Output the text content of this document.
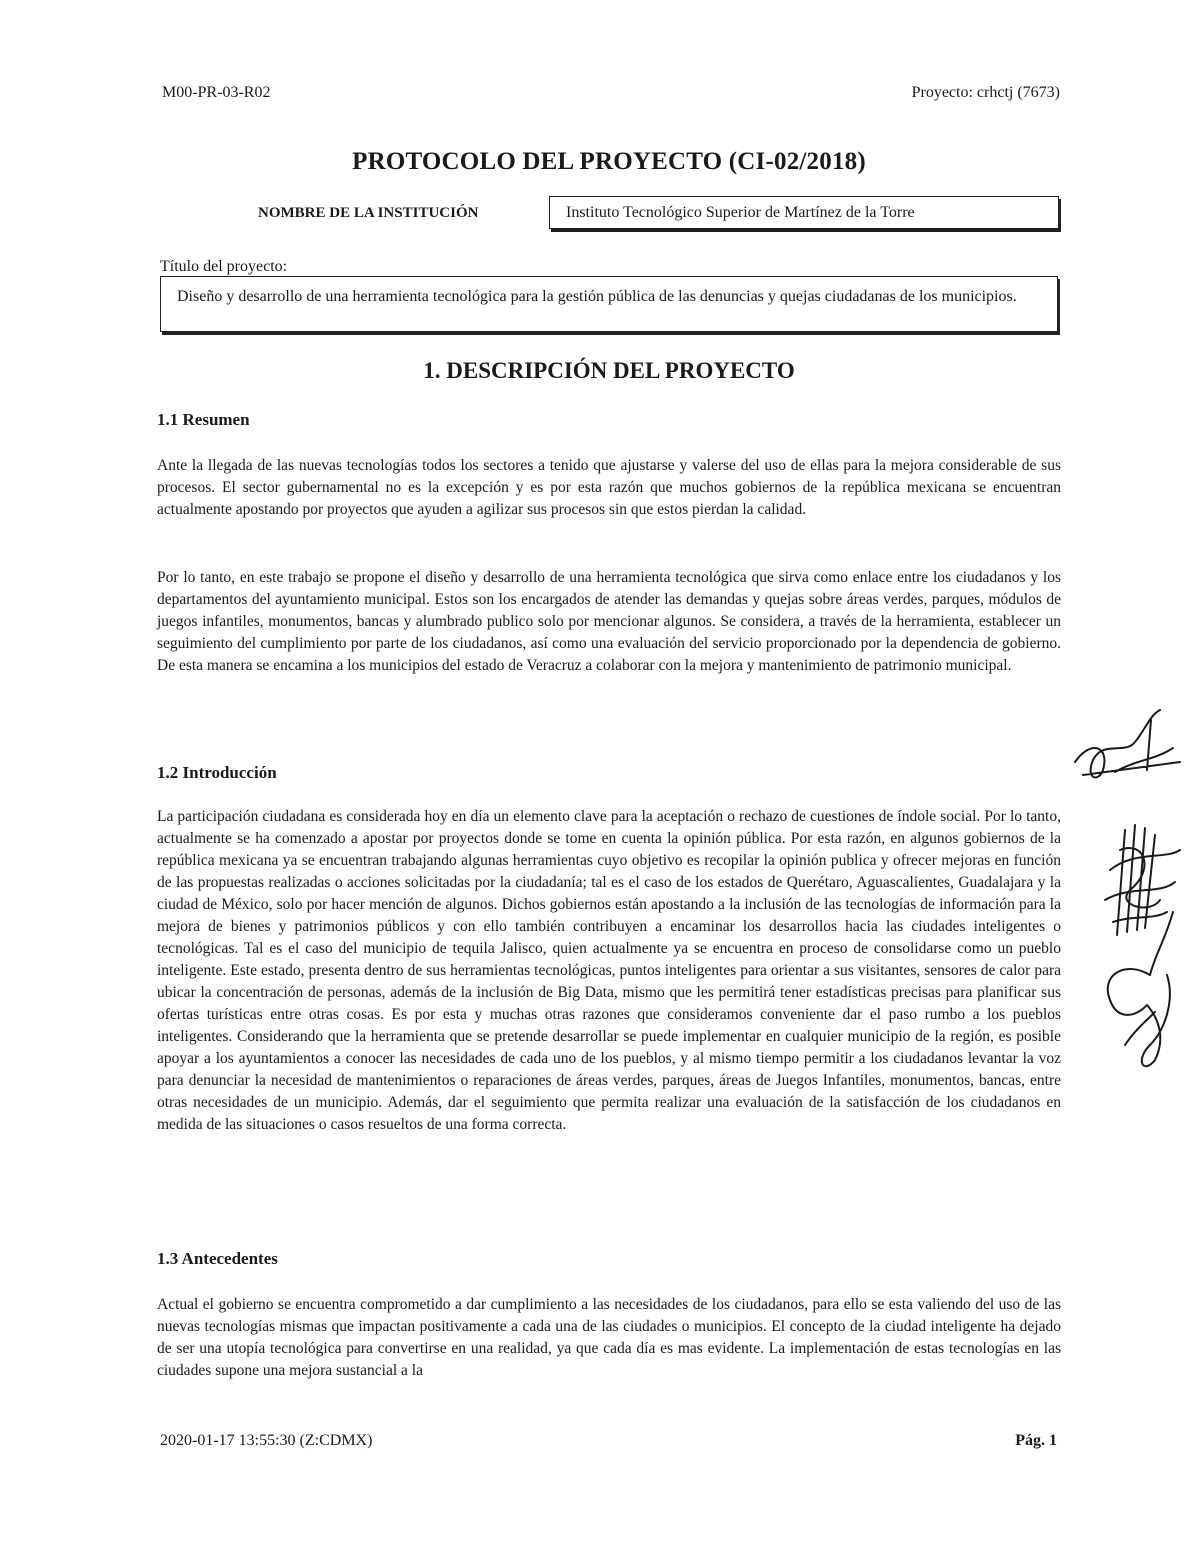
M00-PR-03-R02	Proyecto: crhctj (7673)
PROTOCOLO DEL PROYECTO (CI-02/2018)
NOMBRE DE LA INSTITUCIÓN	Instituto Tecnológico Superior de Martínez de la Torre
Título del proyecto:
Diseño y desarrollo de una herramienta tecnológica para la gestión pública de las denuncias y quejas ciudadanas de los municipios.
1. DESCRIPCIÓN DEL PROYECTO
1.1 Resumen
Ante la llegada de las nuevas tecnologías todos los sectores a tenido que ajustarse y valerse del uso de ellas para la mejora considerable de sus procesos. El sector gubernamental no es la excepción y es por esta razón que muchos gobiernos de la república mexicana se encuentran actualmente apostando por proyectos que ayuden a agilizar sus procesos sin que estos pierdan la calidad.
Por lo tanto, en este trabajo se propone el diseño y desarrollo de una herramienta tecnológica que sirva como enlace entre los ciudadanos y los departamentos del ayuntamiento municipal. Estos son los encargados de atender las demandas y quejas sobre áreas verdes, parques, módulos de juegos infantiles, monumentos, bancas y alumbrado publico solo por mencionar algunos. Se considera, a través de la herramienta, establecer un seguimiento del cumplimiento por parte de los ciudadanos, así como una evaluación del servicio proporcionado por la dependencia de gobierno. De esta manera se encamina a los municipios del estado de Veracruz a colaborar con la mejora y mantenimiento de patrimonio municipal.
1.2 Introducción
La participación ciudadana es considerada hoy en día un elemento clave para la aceptación o rechazo de cuestiones de índole social. Por lo tanto, actualmente se ha comenzado a apostar por proyectos donde se tome en cuenta la opinión pública. Por esta razón, en algunos gobiernos de la república mexicana ya se encuentran trabajando algunas herramientas cuyo objetivo es recopilar la opinión publica y ofrecer mejoras en función de las propuestas realizadas o acciones solicitadas por la ciudadanía; tal es el caso de los estados de Querétaro, Aguascalientes, Guadalajara y la ciudad de México, solo por hacer mención de algunos. Dichos gobiernos están apostando a la inclusión de las tecnologías de información para la mejora de bienes y patrimonios públicos y con ello también contribuyen a encaminar los desarrollos hacia las ciudades inteligentes o tecnológicas. Tal es el caso del municipio de tequila Jalisco, quien actualmente ya se encuentra en proceso de consolidarse como un pueblo inteligente. Este estado, presenta dentro de sus herramientas tecnológicas, puntos inteligentes para orientar a sus visitantes, sensores de calor para ubicar la concentración de personas, además de la inclusión de Big Data, mismo que les permitirá tener estadísticas precisas para planificar sus ofertas turísticas entre otras cosas. Es por esta y muchas otras razones que consideramos conveniente dar el paso rumbo a los pueblos inteligentes. Considerando que la herramienta que se pretende desarrollar se puede implementar en cualquier municipio de la región, es posible apoyar a los ayuntamientos a conocer las necesidades de cada uno de los pueblos, y al mismo tiempo permitir a los ciudadanos levantar la voz para denunciar la necesidad de mantenimientos o reparaciones de áreas verdes, parques, áreas de Juegos Infantiles, monumentos, bancas, entre otras necesidades de un municipio. Además, dar el seguimiento que permita realizar una evaluación de la satisfacción de los ciudadanos en medida de las situaciones o casos resueltos de una forma correcta.
1.3 Antecedentes
Actual el gobierno se encuentra comprometido a dar cumplimiento a las necesidades de los ciudadanos, para ello se esta valiendo del uso de las nuevas tecnologías mismas que impactan positivamente a cada una de las ciudades o municipios. El concepto de la ciudad inteligente ha dejado de ser una utopía tecnológica para convertirse en una realidad, ya que cada día es mas evidente. La implementación de estas tecnologías en las ciudades supone una mejora sustancial a la
2020-01-17 13:55:30 (Z:CDMX)	Pág. 1
